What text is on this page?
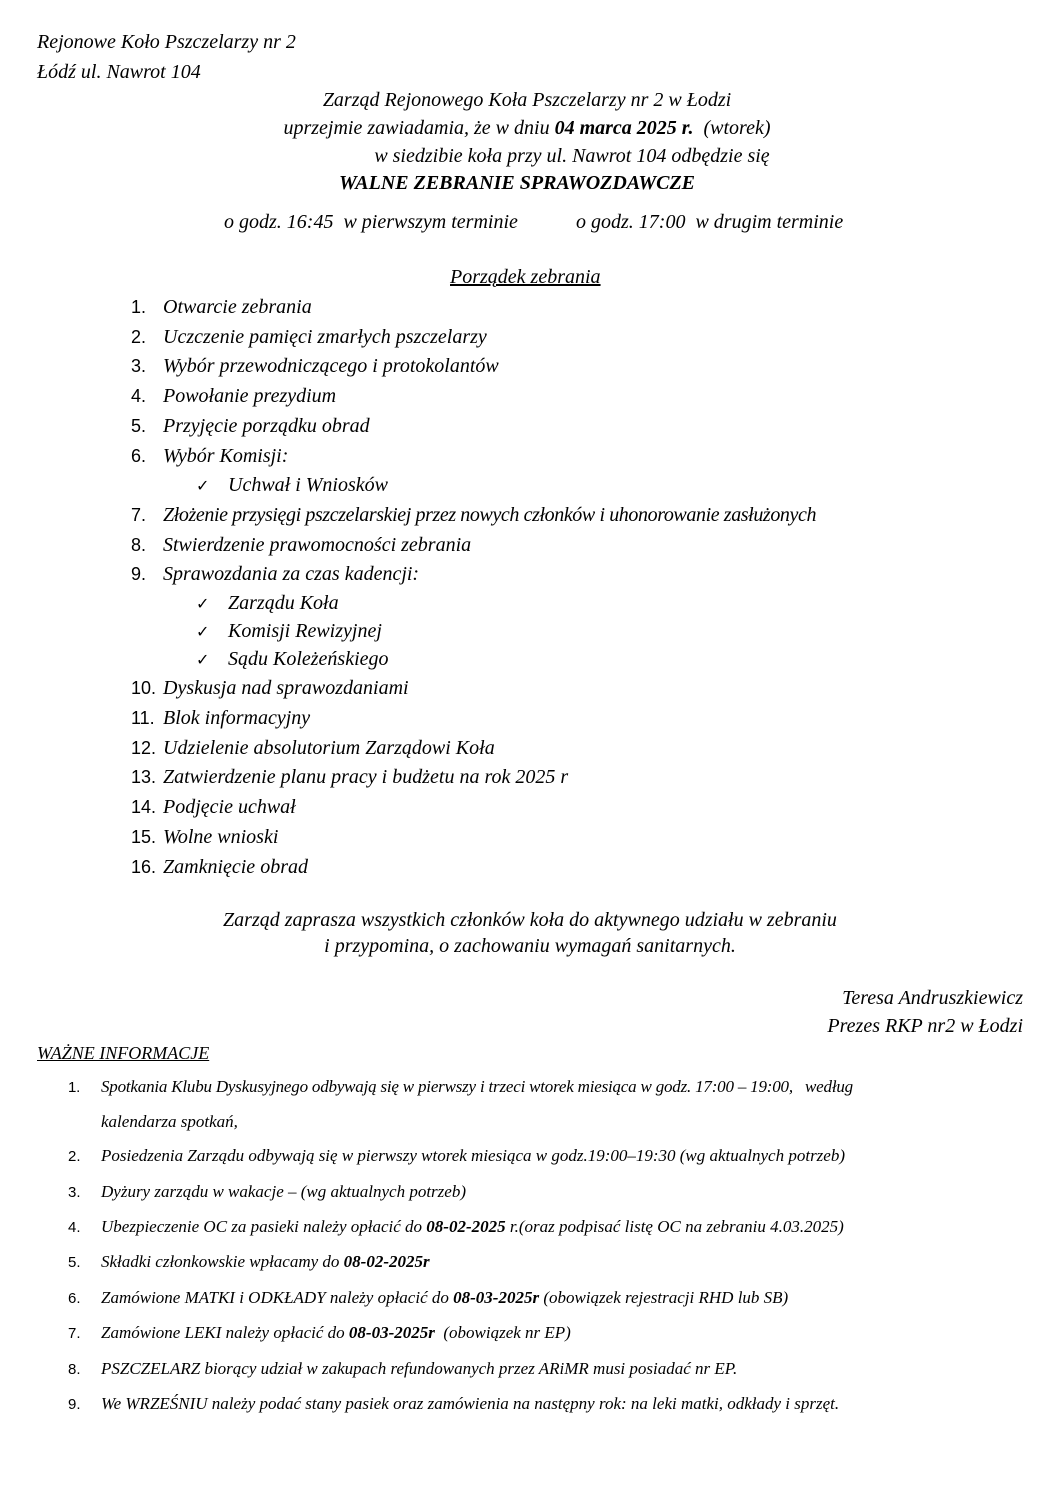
Rejonowe Koło Pszczelarzy nr 2
Łódź ul. Nawrot 104
Zarząd Rejonowego Koła Pszczelarzy nr 2 w Łodzi
uprzejmie zawiadamia, że w dniu 04 marca 2025 r.  (wtorek)
w siedzibie koła przy ul. Nawrot 104 odbędzie się
WALNE ZEBRANIE SPRAWOZDAWCZE
o godz. 16:45  w pierwszym terminie	o godz. 17:00  w drugim terminie
Porządek zebrania
1. Otwarcie zebrania
2. Uczczenie pamięci zmarłych pszczelarzy
3. Wybór przewodniczącego i protokolantów
4. Powołanie prezydium
5. Przyjęcie porządku obrad
6. Wybór Komisji:
✓ Uchwał i Wniosków
7. Złożenie przysięgi pszczelarskiej przez nowych członków i uhonorowanie zasłużonych
8. Stwierdzenie prawomocności zebrania
9. Sprawozdania za czas kadencji:
✓ Zarządu Koła
✓ Komisji Rewizyjnej
✓ Sądu Koleżeńskiego
10. Dyskusja nad sprawozdaniami
11. Blok informacyjny
12. Udzielenie absolutorium Zarządowi Koła
13. Zatwierdzenie planu pracy i budżetu na rok 2025 r
14. Podjęcie uchwał
15. Wolne wnioski
16. Zamknięcie obrad
Zarząd zaprasza wszystkich członków koła do aktywnego udziału w zebraniu
i przypomina, o zachowaniu wymagań sanitarnych.
Teresa Andruszkiewicz
Prezes RKP nr2 w Łodzi
WAŻNE INFORMACJE
1. Spotkania Klubu Dyskusyjnego odbywają się w pierwszy i trzeci wtorek miesiąca w godz. 17:00 – 19:00,   według
kalendarza spotkań,
2. Posiedzenia Zarządu odbywają się w pierwszy wtorek miesiąca w godz.19:00–19:30 (wg aktualnych potrzeb)
3. Dyżury zarządu w wakacje – (wg aktualnych potrzeb)
4. Ubezpieczenie OC za pasieki należy opłacić do 08-02-2025 r.(oraz podpisać listę OC na zebraniu 4.03.2025)
5. Składki członkowskie wpłacamy do 08-02-2025r
6. Zamówione MATKI i ODKŁADY należy opłacić do 08-03-2025r (obowiązek rejestracji RHD lub SB)
7. Zamówione LEKI należy opłacić do 08-03-2025r  (obowiązek nr EP)
8. PSZCZELARZ biorący udział w zakupach refundowanych przez ARiMR musi posiadać nr EP.
9. We WRZEŚNIU należy podać stany pasiek oraz zamówienia na następny rok: na leki matki, odkłady i sprzęt.
